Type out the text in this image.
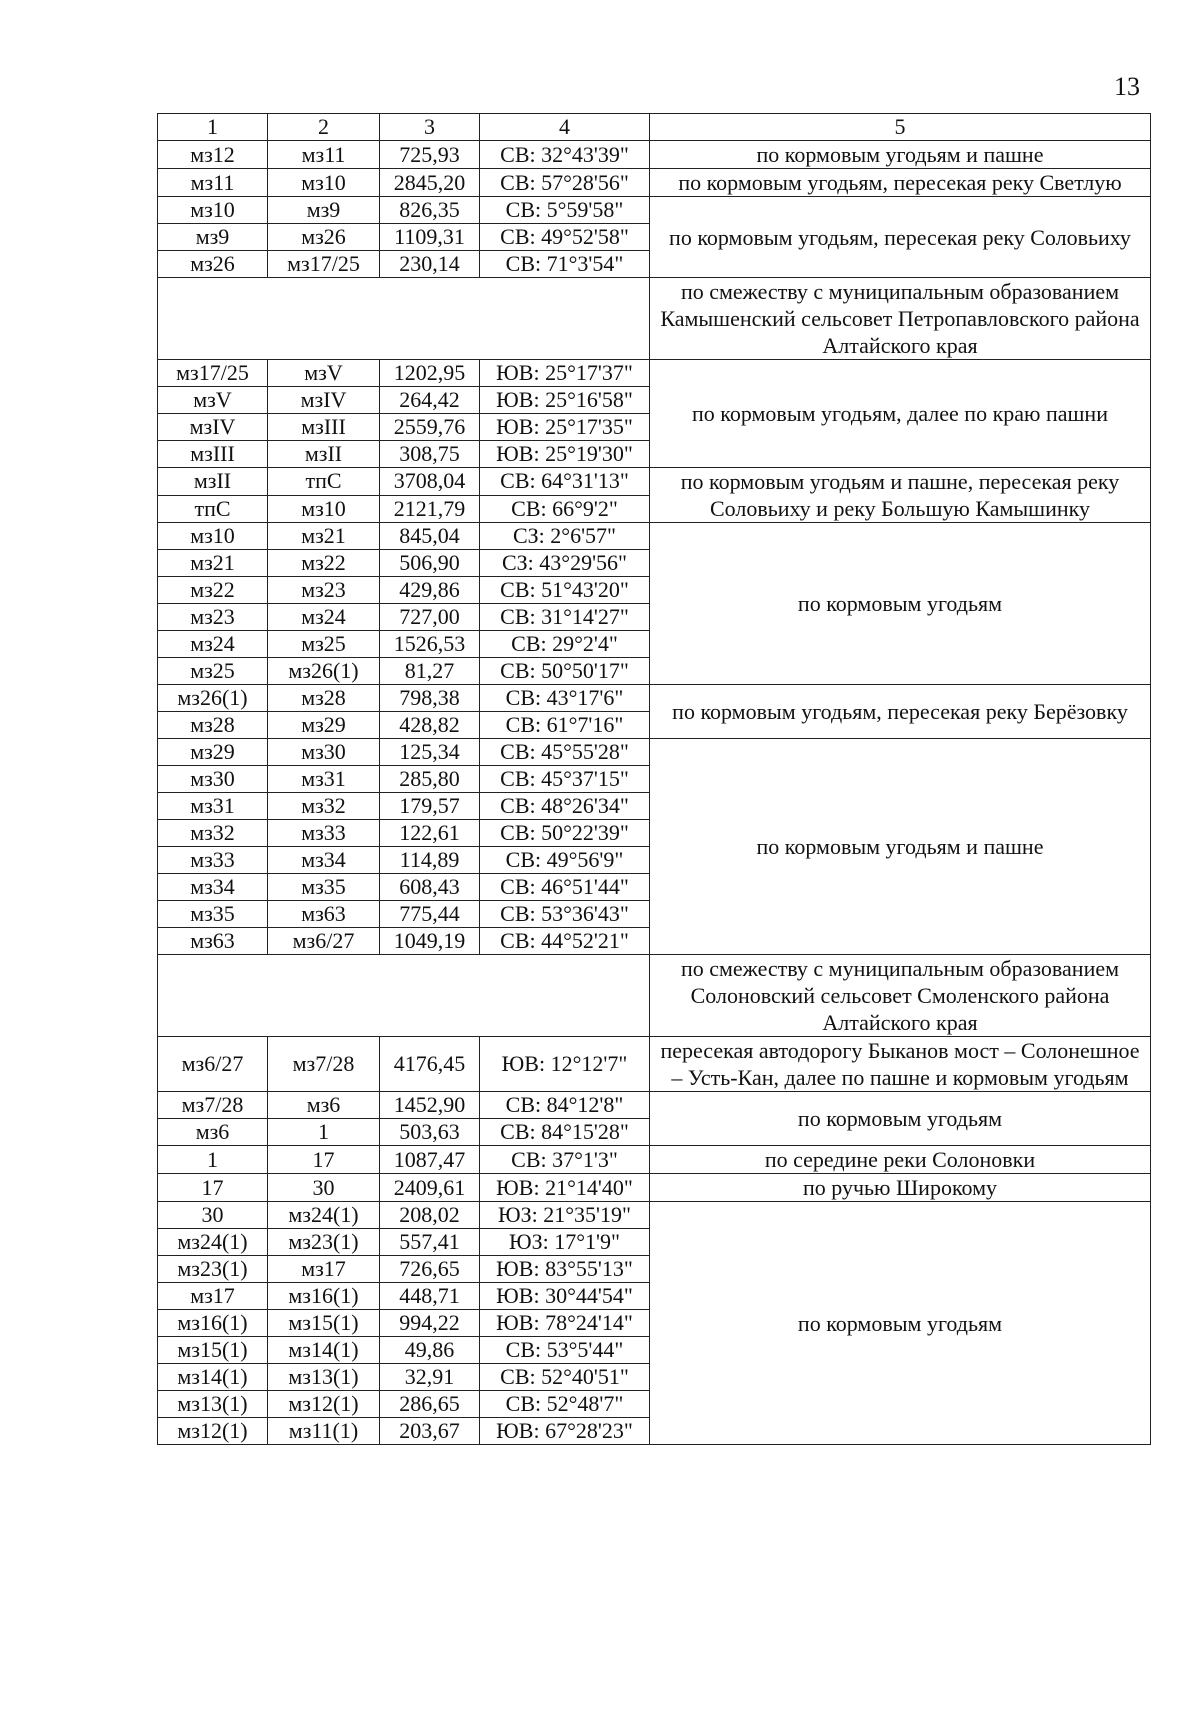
13
1	2	3	4	5
мз12	мз11	725,93	СВ: 32°43'39"	по кормовым угодьям и пашне
мз11	мз10	2845,20	СВ: 57°28'56"	по кормовым угодьям, пересекая реку Светлую
мз10	мз9	826,35	СВ: 5°59'58"	по кормовым угодьям, пересекая реку Соловьиху
мз9	мз26	1109,31	СВ: 49°52'58"	
мз26	мз17/25	230,14	СВ: 71°3'54"	
				по смежеству с муниципальным образованием Камышенский сельсовет Петропавловского района Алтайского края
мз17/25	мзV	1202,95	ЮВ: 25°17'37"	по кормовым угодьям, далее по краю пашни
мзV	мзIV	264,42	ЮВ: 25°16'58"	
мзIV	мзIII	2559,76	ЮВ: 25°17'35"	
мзIII	мзII	308,75	ЮВ: 25°19'30"	
мзII	тпС	3708,04	СВ: 64°31'13"	по кормовым угодьям и пашне, пересекая реку Соловьиху и реку Большую Камышинку
тпС	мз10	2121,79	СВ: 66°9'2"	
мз10	мз21	845,04	СЗ: 2°6'57"	по кормовым угодьям
мз21	мз22	506,90	СЗ: 43°29'56"	
мз22	мз23	429,86	СВ: 51°43'20"	
мз23	мз24	727,00	СВ: 31°14'27"	
мз24	мз25	1526,53	СВ: 29°2'4"	
мз25	мз26(1)	81,27	СВ: 50°50'17"	
мз26(1)	мз28	798,38	СВ: 43°17'6"	по кормовым угодьям, пересекая реку Берёзовку
мз28	мз29	428,82	СВ: 61°7'16"	
мз29	мз30	125,34	СВ: 45°55'28"	по кормовым угодьям и пашне
мз30	мз31	285,80	СВ: 45°37'15"	
мз31	мз32	179,57	СВ: 48°26'34"	
мз32	мз33	122,61	СВ: 50°22'39"	
мз33	мз34	114,89	СВ: 49°56'9"	
мз34	мз35	608,43	СВ: 46°51'44"	
мз35	мз63	775,44	СВ: 53°36'43"	
мз63	мз6/27	1049,19	СВ: 44°52'21"	
				по смежеству с муниципальным образованием Солоновский сельсовет Смоленского района Алтайского края
мз6/27	мз7/28	4176,45	ЮВ: 12°12'7"	пересекая автодорогу Быканов мост – Солонешное – Усть-Кан, далее по пашне и кормовым угодьям
мз7/28	мз6	1452,90	СВ: 84°12'8"	по кормовым угодьям
мз6	1	503,63	СВ: 84°15'28"	
1	17	1087,47	СВ: 37°1'3"	по середине реки Солоновки
17	30	2409,61	ЮВ: 21°14'40"	по ручью Широкому
30	мз24(1)	208,02	ЮЗ: 21°35'19"	по кормовым угодьям
мз24(1)	мз23(1)	557,41	ЮЗ: 17°1'9"	
мз23(1)	мз17	726,65	ЮВ: 83°55'13"	
мз17	мз16(1)	448,71	ЮВ: 30°44'54"	
мз16(1)	мз15(1)	994,22	ЮВ: 78°24'14"	
мз15(1)	мз14(1)	49,86	СВ: 53°5'44"	
мз14(1)	мз13(1)	32,91	СВ: 52°40'51"	
мз13(1)	мз12(1)	286,65	СВ: 52°48'7"	
мз12(1)	мз11(1)	203,67	ЮВ: 67°28'23"	
